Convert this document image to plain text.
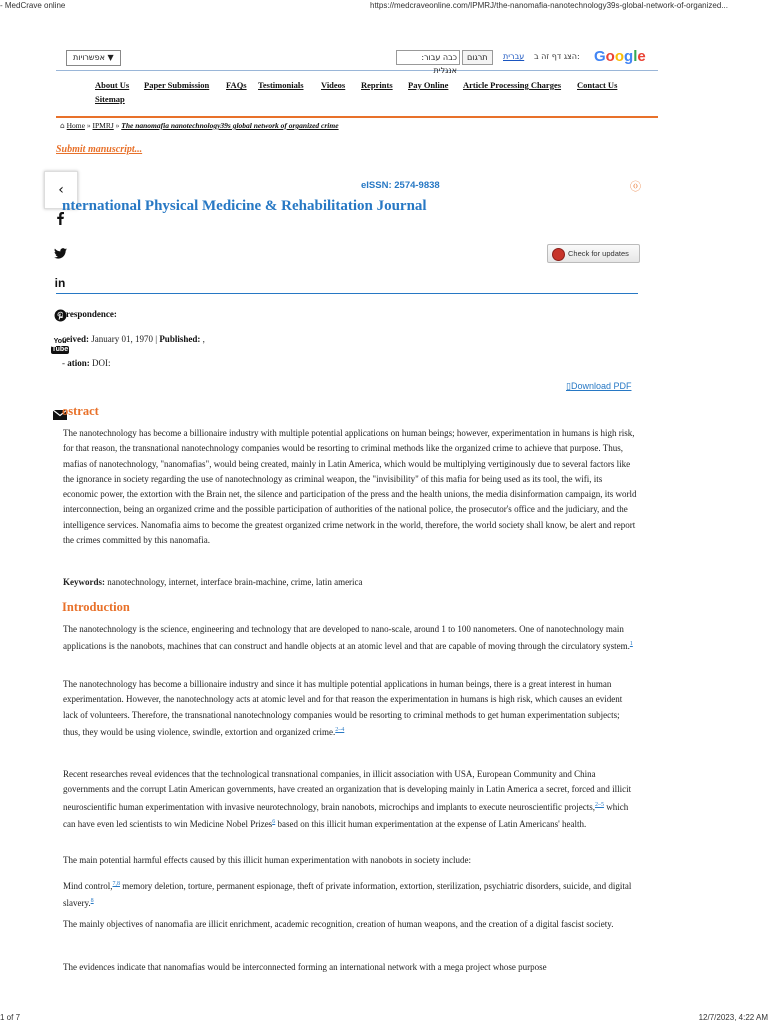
- MedCrave online	https://medcraveonline.com/IPMRJ/the-nanomafia-nanotechnology39s-global-network-of-organized...
אפשרויות ▼	כבה עבור: אנגלית
תרגום	עברית הצג דף זה ב: Google
About Us Paper Submission FAQs Testimonials Videos Reprints Pay Online Article Processing Charges Contact Us
Sitemap
⌂ Home » IPMRJ » The nanomafia nanotechnology39s global network of organized crime
Submit manuscript...
‹
in
You
Tube
eISSN: 2574-9838	ⓞ
nternational Physical Medicine & Rehabilitation Journal
Check for updates
rrespondence:
ceived: January 01, 1970 | Published: ,
- ation: DOI:
▯Download PDF
ostract

The nanotechnology has become a billionaire industry with multiple potential applications on human beings; however, experimentation in humans is high risk, for that reason, the transnational nanotechnology companies would be resorting to criminal methods like the organized crime to achieve that purpose. Thus, mafias of nanotechnology, "nanomafias", would being created, mainly in Latin America, which would be multiplying vertiginously due to several factors like the ignorance in society regarding the use of nanotechnology as criminal weapon, the "invisibility" of this mafia for being used as its tool, the wifi, its economic power, the extortion with the Brain net, the silence and participation of the press and the health unions, the media disinformation campaign, its world interconnection, being an organized crime and the possible participation of authorities of the national police, the prosecutor's office and the judiciary, and the intelligence services. Nanomafia aims to become the greatest organized crime network in the world, therefore, the world society shall know, be alert and report the crimes committed by this nanomafia.

Keywords: nanotechnology, internet, interface brain-machine, crime, latin america

Introduction

The nanotechnology is the science, engineering and technology that are developed to nano-scale, around 1 to 100 nanometers. One of nanotechnology main applications is the nanobots, machines that can construct and handle objects at an atomic level and that are capable of moving through the circulatory system.$^1$

The nanotechnology has become a billionaire industry and since it has multiple potential applications in human beings, there is a great interest in human experimentation. However, the nanotechnology acts at atomic level and for that reason the experimentation in humans is high risk, which causes an evident lack of volunteers. Therefore, the transnational nanotechnology companies would be resorting to criminal methods to get human experimentation subjects; thus, they would be using violence, swindle, extortion and organized crime.$^{2-4}$

Recent researches reveal evidences that the technological transnational companies, in illicit association with USA, European Community and China governments and the corrupt Latin American governments, have created an organization that is developing mainly in Latin America a secret, forced and illicit neuroscientific human experimentation with invasive neurotechnology, brain nanobots, microchips and implants to execute neuroscientific projects,$^{2-5}$ which can have even led scientists to win Medicine Nobel Prizes$^6$ based on this illicit human experimentation at the expense of Latin Americans' health.

The main potential harmful effects caused by this illicit human experimentation with nanobots in society include:

Mind control,$^{7,8}$ memory deletion, torture, permanent espionage, theft of private information, extortion, sterilization, psychiatric disorders, suicide, and digital slavery.$^8$

The mainly objectives of nanomafia are illicit enrichment, academic recognition, creation of human weapons, and the creation of a digital fascist society.

The evidences indicate that nanomafias would be interconnected forming an international network with a mega project whose purpose

1 of 7	12/7/2023, 4:22 AM
